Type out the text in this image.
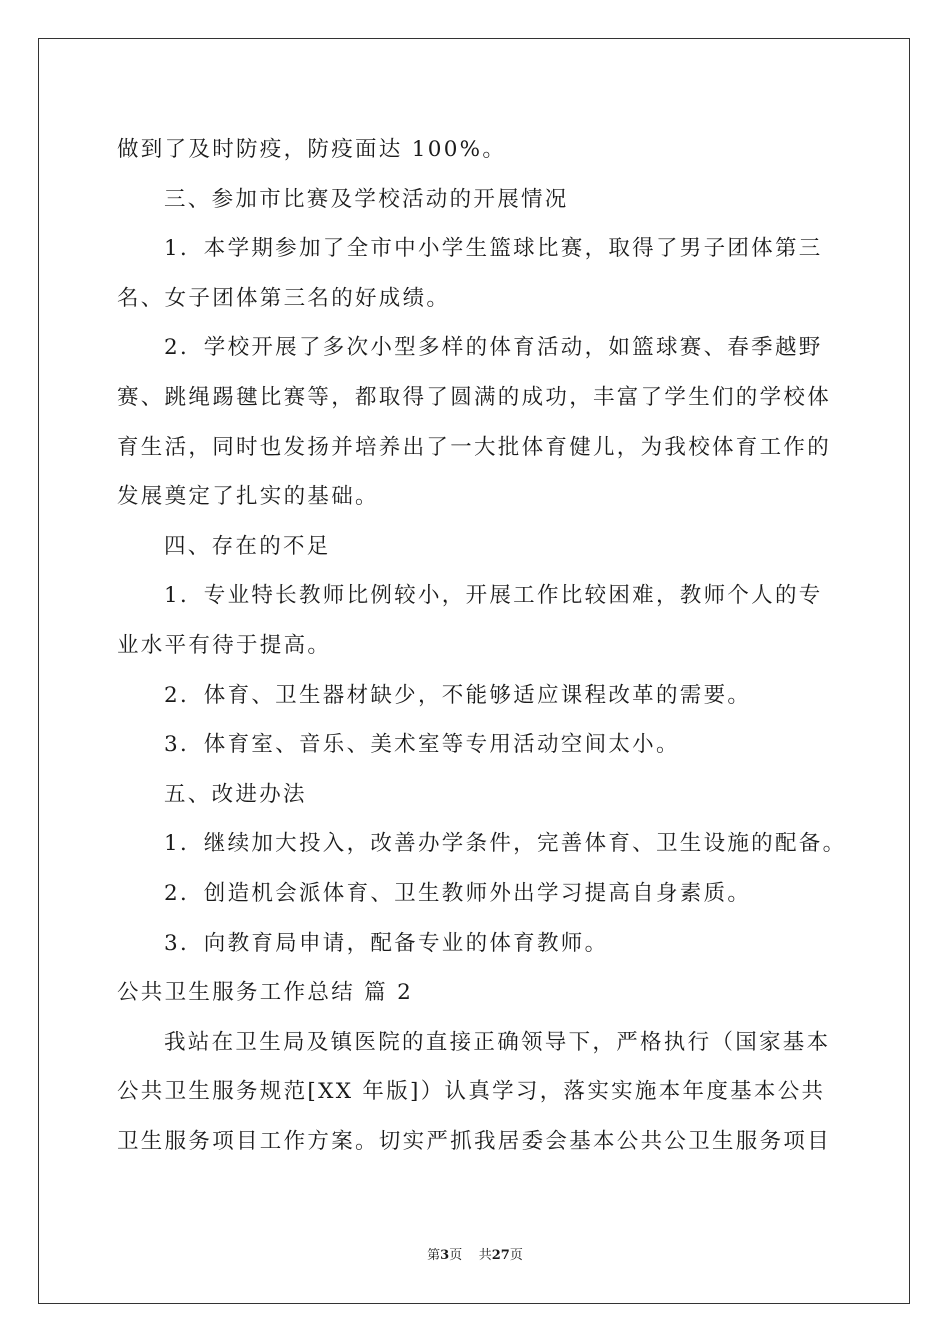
做到了及时防疫，防疫面达 100%。
三、参加市比赛及学校活动的开展情况
1．本学期参加了全市中小学生篮球比赛，取得了男子团体第三
名、女子团体第三名的好成绩。
2．学校开展了多次小型多样的体育活动，如篮球赛、春季越野
赛、跳绳踢毽比赛等，都取得了圆满的成功，丰富了学生们的学校体
育生活，同时也发扬并培养出了一大批体育健儿，为我校体育工作的
发展奠定了扎实的基础。
四、存在的不足
1．专业特长教师比例较小，开展工作比较困难，教师个人的专
业水平有待于提高。
2．体育、卫生器材缺少，不能够适应课程改革的需要。
3．体育室、音乐、美术室等专用活动空间太小。
五、改进办法
1．继续加大投入，改善办学条件，完善体育、卫生设施的配备。
2．创造机会派体育、卫生教师外出学习提高自身素质。
3．向教育局申请，配备专业的体育教师。
公共卫生服务工作总结 篇 2
我站在卫生局及镇医院的直接正确领导下，严格执行（国家基本
公共卫生服务规范[XX 年版]）认真学习，落实实施本年度基本公共
卫生服务项目工作方案。切实严抓我居委会基本公共公卫生服务项目
第3页 共27页
